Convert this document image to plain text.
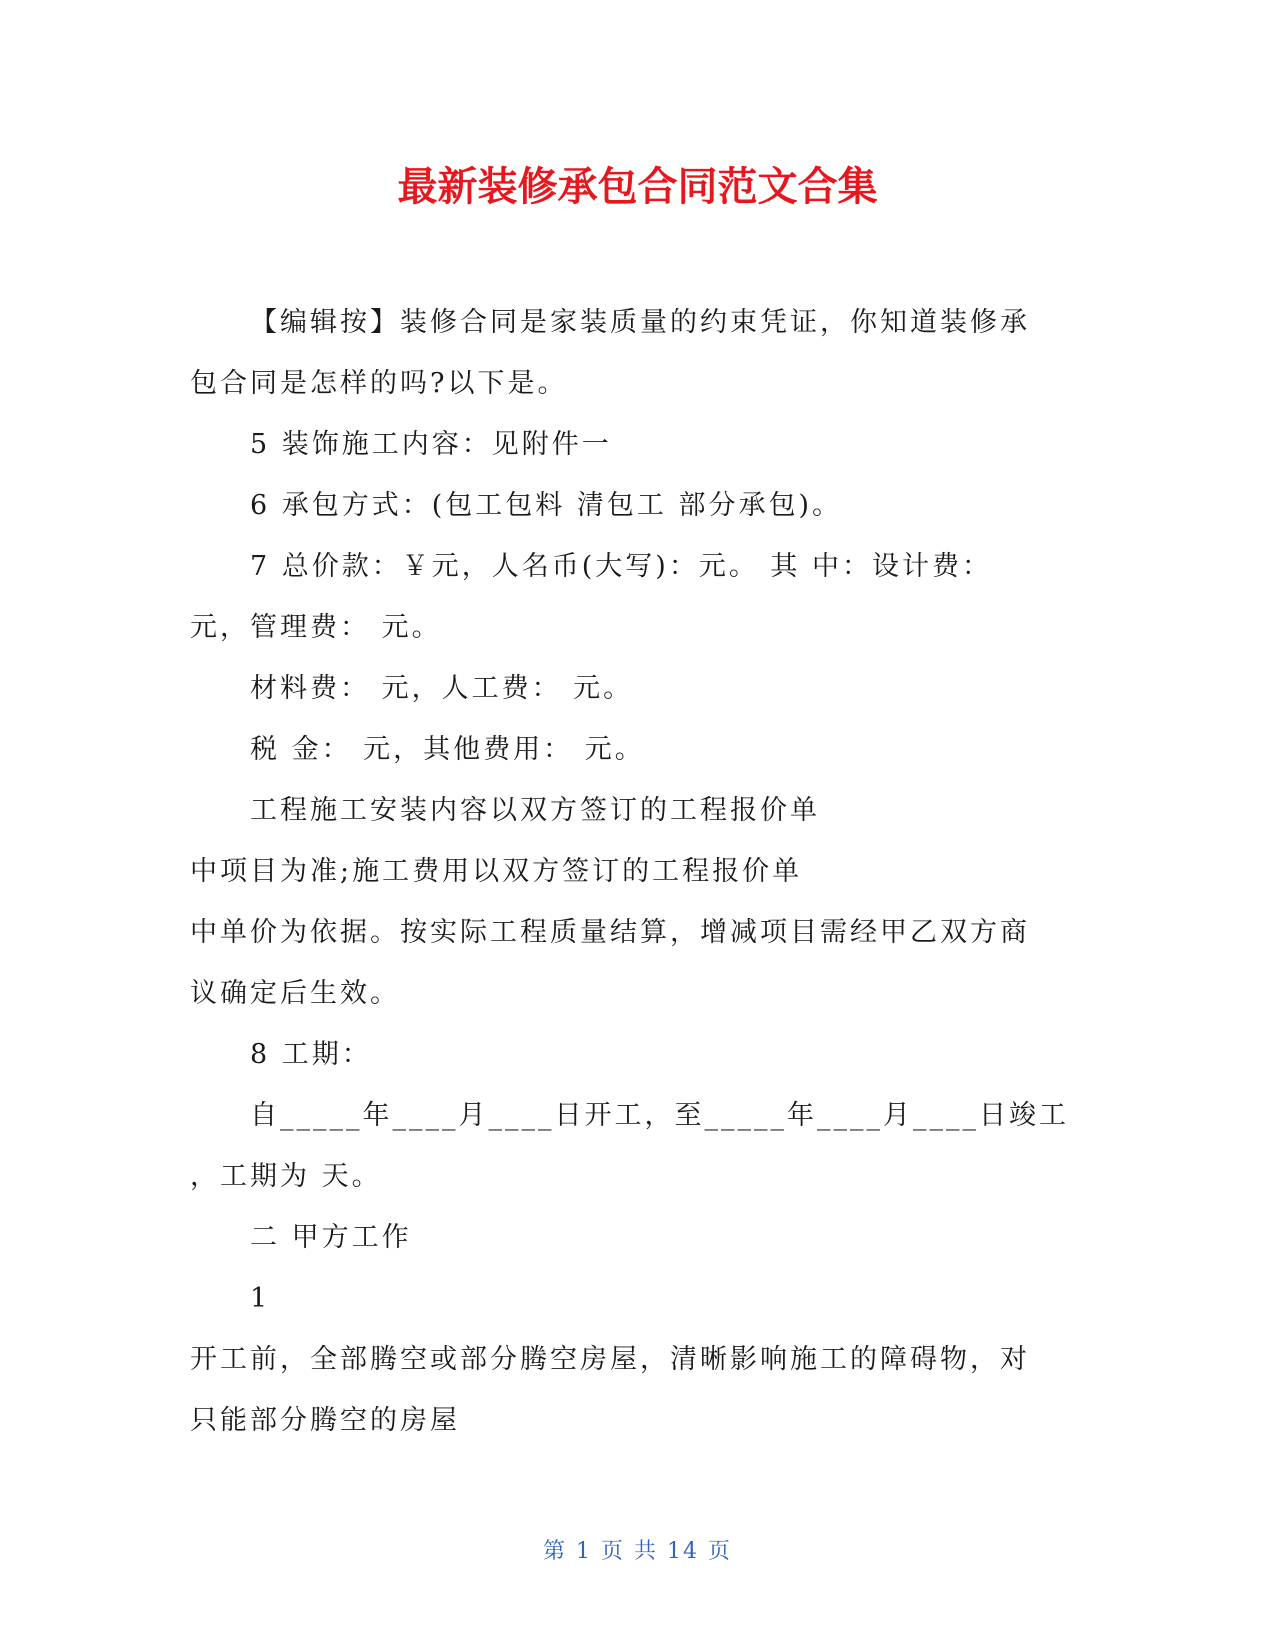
最新装修承包合同范文合集
【编辑按】装修合同是家装质量的约束凭证，你知道装修承
包合同是怎样的吗?以下是。
5 装饰施工内容：见附件一
6 承包方式：(包工包料 清包工 部分承包)。
7 总价款：￥元，人名币(大写)：元。 其 中：设计费：
元，管理费： 元。
材料费： 元，人工费： 元。
税 金： 元，其他费用： 元。
工程施工安装内容以双方签订的工程报价单
中项目为准;施工费用以双方签订的工程报价单
中单价为依据。按实际工程质量结算，增减项目需经甲乙双方商
议确定后生效。
8 工期：
自_____年____月____日开工，至_____年____月____日竣工
，工期为 天。
二 甲方工作
1
开工前，全部腾空或部分腾空房屋，清晰影响施工的障碍物，对
只能部分腾空的房屋
第 1 页 共 14 页
